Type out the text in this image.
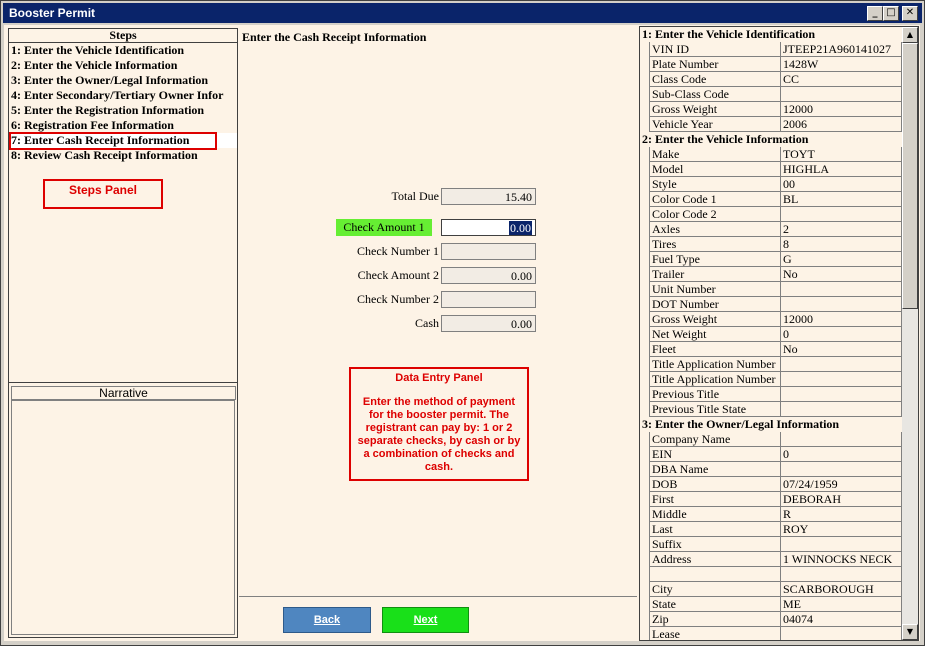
Booster Permit	_ □	✕
Steps
1: Enter the Vehicle Identification
2: Enter the Vehicle Information
3: Enter the Owner/Legal Information
4: Enter Secondary/Tertiary Owner Infor
5: Enter the Registration Information
6: Registration Fee Information
7: Enter Cash Receipt Information
8: Review Cash Receipt Information
Steps Panel
Narrative
Enter the Cash Receipt Information
Total Due	15.40
Check Amount 1	0.00
Check Number 1
Check Amount 2	0.00
Check Number 2
Cash	0.00
Data Entry Panel
Enter the method of payment for the booster permit. The registrant can pay by: 1 or 2 separate checks, by cash or by a combination of checks and cash.
Back	Next
1: Enter the Vehicle Identification
VIN ID	JTEEP21A960141027
Plate Number	1428W
Class Code	CC
Sub-Class Code
Gross Weight	12000
Vehicle Year	2006
2: Enter the Vehicle Information
Make	TOYT
Model	HIGHLA
Style	00
Color Code 1	BL
Color Code 2
Axles	2
Tires	8
Fuel Type	G
Trailer	No
Unit Number
DOT Number
Gross Weight	12000
Net Weight	0
Fleet	No
Title Application Number
Title Application Number
Previous Title
Previous Title State
3: Enter the Owner/Legal Information
Company Name
EIN	0
DBA Name
DOB	07/24/1959
First	DEBORAH
Middle	R
Last	ROY
Suffix
Address	1 WINNOCKS NECK
City	SCARBOROUGH
State	ME
Zip	04074
Lease
▲
▼
